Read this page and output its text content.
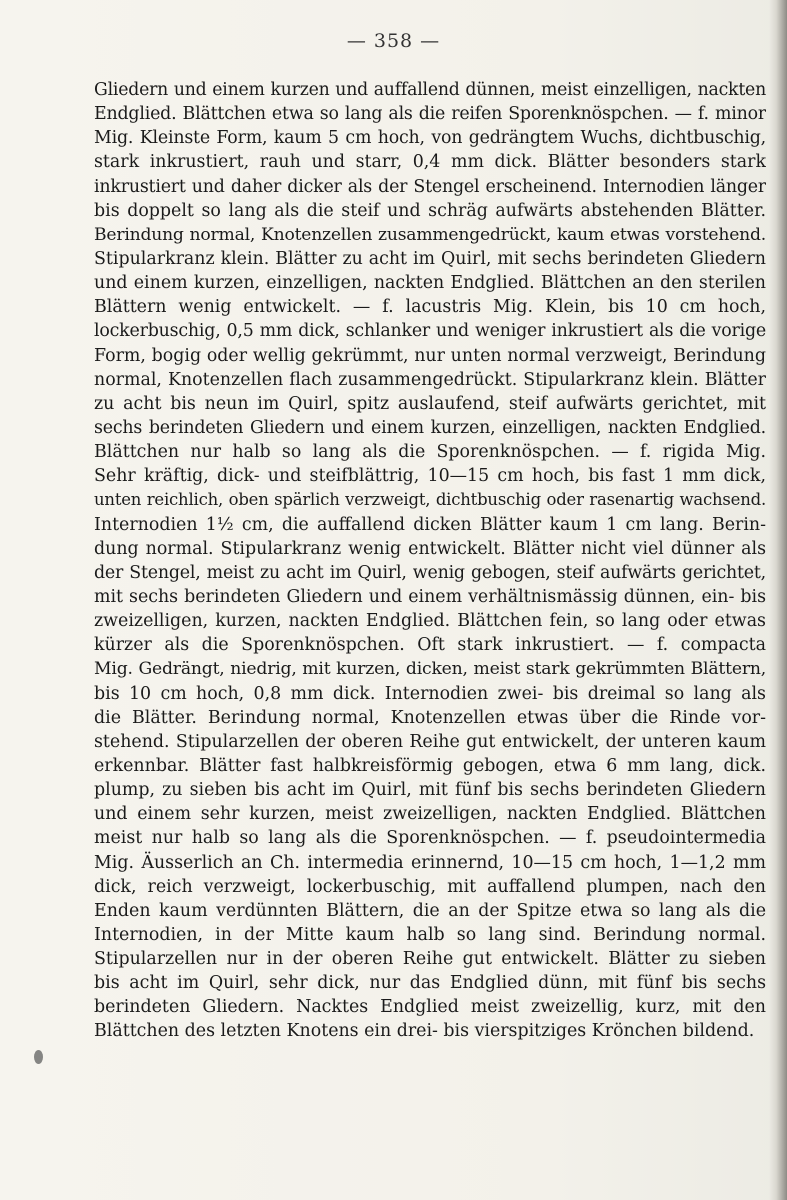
— 358 —
Gliedern und einem kurzen und auffallend dünnen, meist einzelligen, nackten
Endglied. Blättchen etwa so lang als die reifen Sporenknöspchen. — f. minor
Mig. Kleinste Form, kaum 5 cm hoch, von gedrängtem Wuchs, dichtbuschig,
stark inkrustiert, rauh und starr, 0,4 mm dick. Blätter besonders stark
inkrustiert und daher dicker als der Stengel erscheinend. Internodien länger
bis doppelt so lang als die steif und schräg aufwärts abstehenden Blätter.
Berindung normal, Knotenzellen zusammengedrückt, kaum etwas vorstehend.
Stipularkranz klein. Blätter zu acht im Quirl, mit sechs berindeten Gliedern
und einem kurzen, einzelligen, nackten Endglied. Blättchen an den sterilen
Blättern wenig entwickelt. — f. lacustris Mig. Klein, bis 10 cm hoch,
lockerbuschig, 0,5 mm dick, schlanker und weniger inkrustiert als die vorige
Form, bogig oder wellig gekrümmt, nur unten normal verzweigt, Berindung
normal, Knotenzellen flach zusammengedrückt. Stipularkranz klein. Blätter
zu acht bis neun im Quirl, spitz auslaufend, steif aufwärts gerichtet, mit
sechs berindeten Gliedern und einem kurzen, einzelligen, nackten Endglied.
Blättchen nur halb so lang als die Sporenknöspchen. — f. rigida Mig.
Sehr kräftig, dick- und steifblättrig, 10—15 cm hoch, bis fast 1 mm dick,
unten reichlich, oben spärlich verzweigt, dichtbuschig oder rasenartig wachsend.
Internodien 1½ cm, die auffallend dicken Blätter kaum 1 cm lang. Berin-
dung normal. Stipularkranz wenig entwickelt. Blätter nicht viel dünner als
der Stengel, meist zu acht im Quirl, wenig gebogen, steif aufwärts gerichtet,
mit sechs berindeten Gliedern und einem verhältnismässig dünnen, ein- bis
zweizelligen, kurzen, nackten Endglied. Blättchen fein, so lang oder etwas
kürzer als die Sporenknöspchen. Oft stark inkrustiert. — f. compacta
Mig. Gedrängt, niedrig, mit kurzen, dicken, meist stark gekrümmten Blättern,
bis 10 cm hoch, 0,8 mm dick. Internodien zwei- bis dreimal so lang als
die Blätter. Berindung normal, Knotenzellen etwas über die Rinde vor-
stehend. Stipularzellen der oberen Reihe gut entwickelt, der unteren kaum
erkennbar. Blätter fast halbkreisförmig gebogen, etwa 6 mm lang, dick.
plump, zu sieben bis acht im Quirl, mit fünf bis sechs berindeten Gliedern
und einem sehr kurzen, meist zweizelligen, nackten Endglied. Blättchen
meist nur halb so lang als die Sporenknöspchen. — f. pseudointermedia
Mig. Äusserlich an Ch. intermedia erinnernd, 10—15 cm hoch, 1—1,2 mm
dick, reich verzweigt, lockerbuschig, mit auffallend plumpen, nach den
Enden kaum verdünnten Blättern, die an der Spitze etwa so lang als die
Internodien, in der Mitte kaum halb so lang sind. Berindung normal.
Stipularzellen nur in der oberen Reihe gut entwickelt. Blätter zu sieben
bis acht im Quirl, sehr dick, nur das Endglied dünn, mit fünf bis sechs
berindeten Gliedern. Nacktes Endglied meist zweizellig, kurz, mit den
Blättchen des letzten Knotens ein drei- bis vierspitziges Krönchen bildend.
